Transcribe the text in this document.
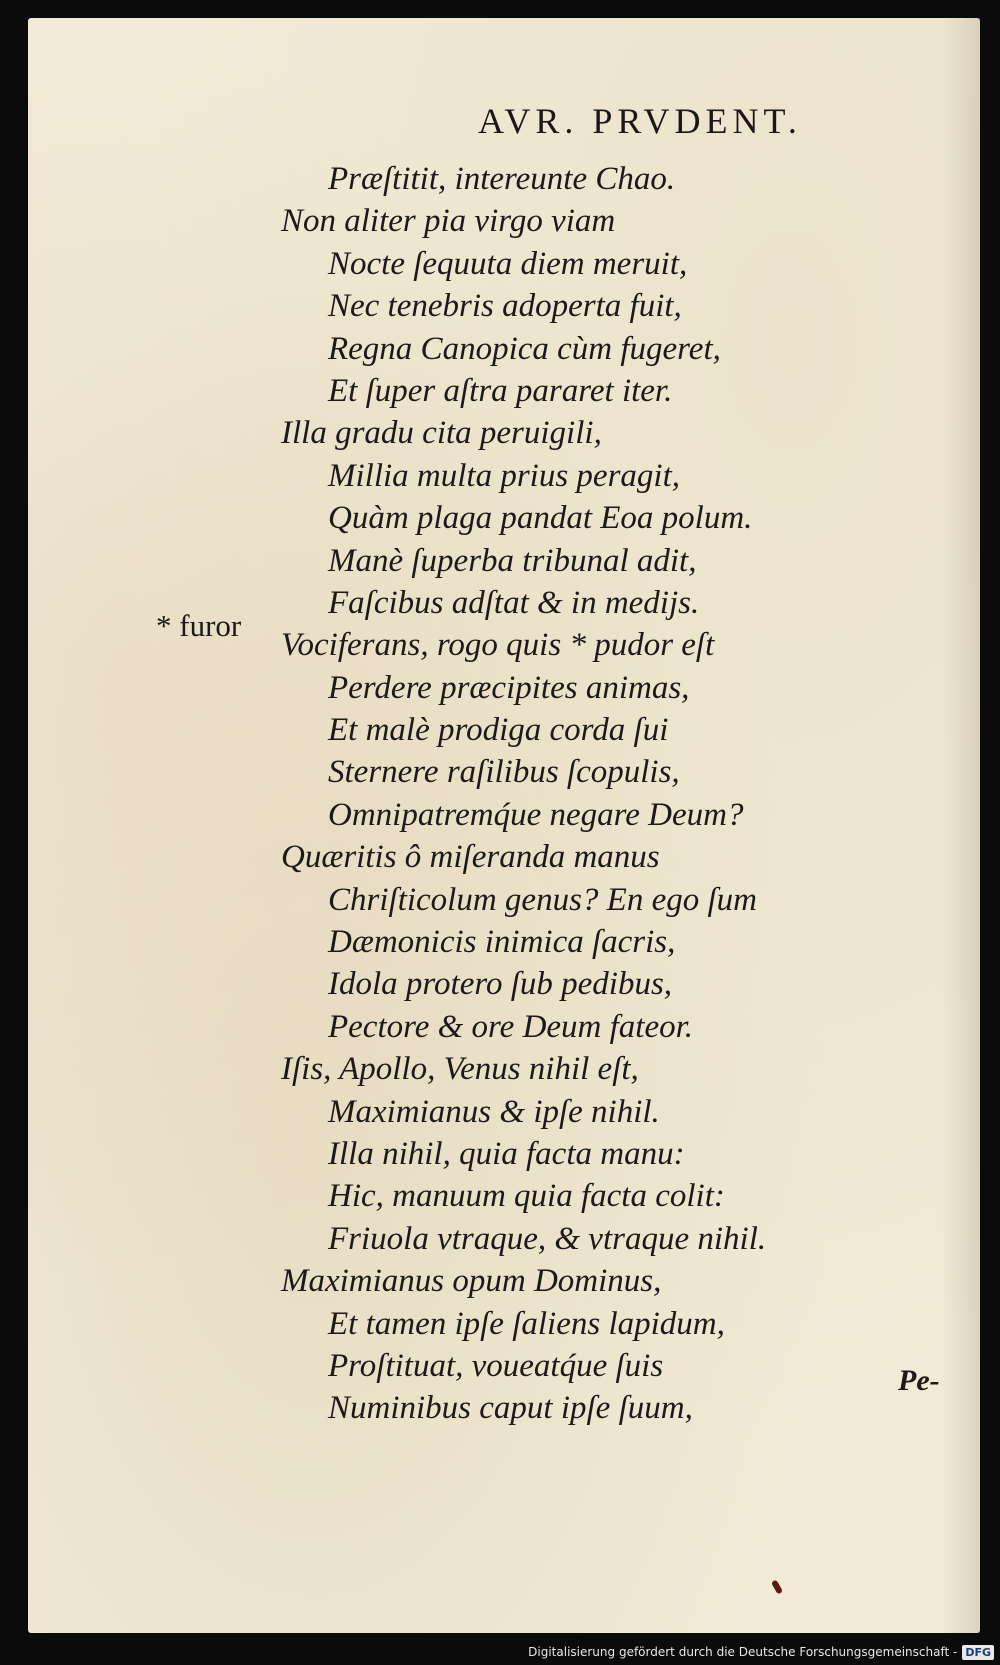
AVR. PRVDENT.
* furor
Præſtitit, intereunte Chao.
Non aliter pia virgo viam
Nocte ſequuta diem meruit,
Nec tenebris adoperta fuit,
Regna Canopica cùm fugeret,
Et ſuper aſtra pararet iter.
Illa gradu cita peruigili,
Millia multa prius peragit,
Quàm plaga pandat Eoa polum.
Manè ſuperba tribunal adit,
Faſcibus adſtat & in medijs.
Vociferans, rogo quis * pudor eſt
Perdere præcipites animas,
Et malè prodiga corda ſui
Sternere raſilibus ſcopulis,
Omnipatremq́ue negare Deum?
Quæritis ô miſeranda manus
Chriſticolum genus? En ego ſum
Dæmonicis inimica ſacris,
Idola protero ſub pedibus,
Pectore & ore Deum fateor.
Iſis, Apollo, Venus nihil eſt,
Maximianus & ipſe nihil.
Illa nihil, quia facta manu:
Hic, manuum quia facta colit:
Friuola vtraque, & vtraque nihil.
Maximianus opum Dominus,
Et tamen ipſe ſaliens lapidum,
Proſtituat, voueatq́ue ſuis
Numinibus caput ipſe ſuum,
Pe-
Digitalisierung gefördert durch die Deutsche Forschungsgemeinschaft - DFG
